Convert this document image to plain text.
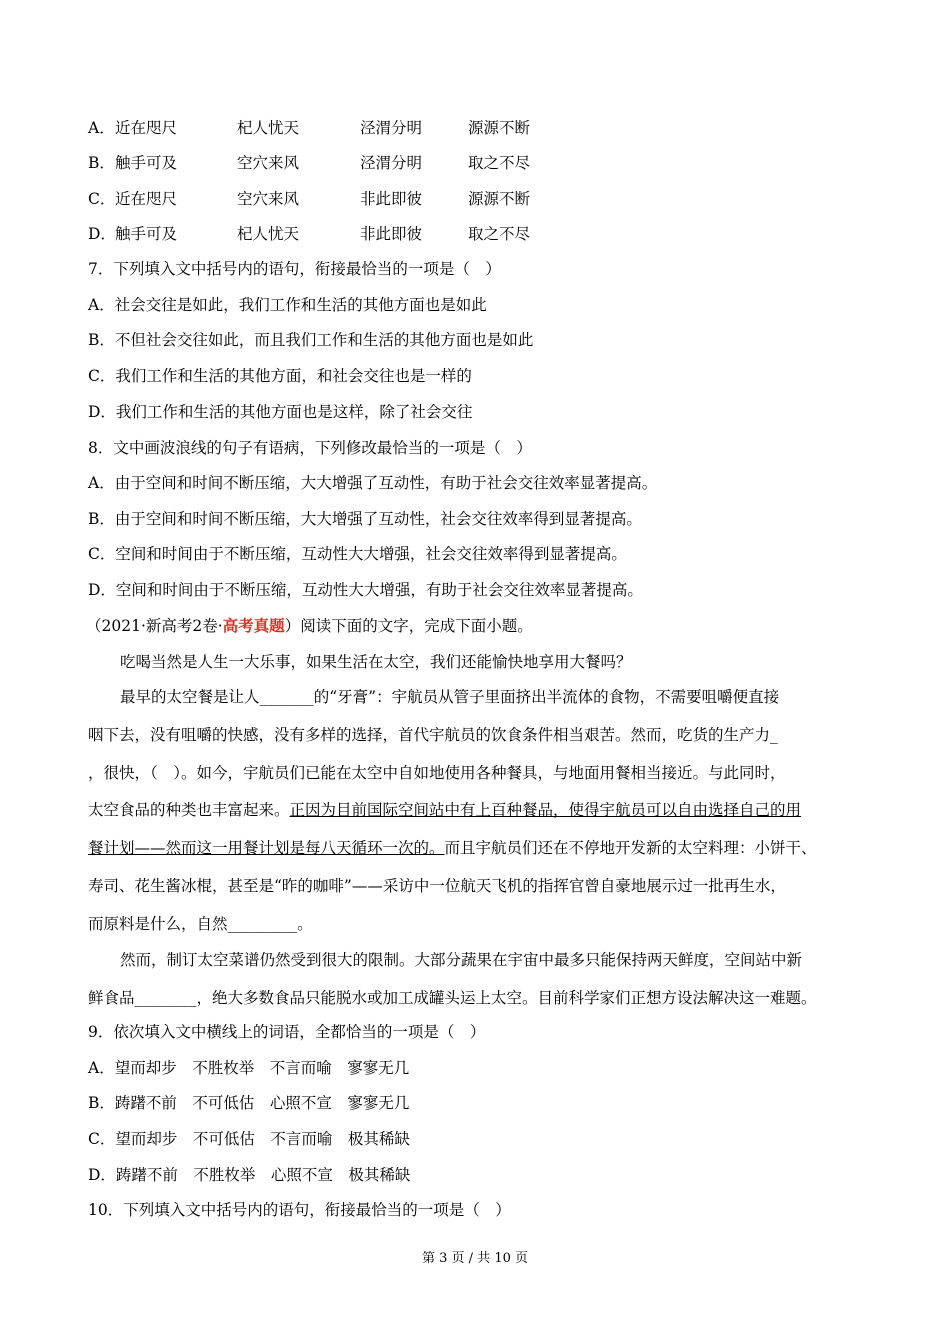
A． 近在咫尺	杞人忧天	泾渭分明	源源不断
B． 触手可及	空穴来风	泾渭分明	取之不尽
C． 近在咫尺	空穴来风	非此即彼	源源不断
D． 触手可及	杞人忧天	非此即彼	取之不尽
7．下列填入文中括号内的语句，衔接最恰当的一项是（　）
A．社会交往是如此，我们工作和生活的其他方面也是如此
B．不但社会交往如此，而且我们工作和生活的其他方面也是如此
C．我们工作和生活的其他方面，和社会交往也是一样的
D．我们工作和生活的其他方面也是这样，除了社会交往
8．文中画波浪线的句子有语病，下列修改最恰当的一项是（　）
A．由于空间和时间不断压缩，大大增强了互动性，有助于社会交往效率显著提高。
B．由于空间和时间不断压缩，大大增强了互动性，社会交往效率得到显著提高。
C．空间和时间由于不断压缩，互动性大大增强，社会交往效率得到显著提高。
D．空间和时间由于不断压缩，互动性大大增强，有助于社会交往效率显著提高。
（2021·新高考2卷·高考真题）阅读下面的文字，完成下面小题。
吃喝当然是人生一大乐事，如果生活在太空，我们还能愉快地享用大餐吗？
最早的太空餐是让人_______的“牙膏”：宇航员从管子里面挤出半流体的食物，不需要咀嚼便直接
咽下去，没有咀嚼的快感，没有多样的选择，首代宇航员的饮食条件相当艰苦。然而，吃货的生产力_
，很快，（　）。如今，宇航员们已能在太空中自如地使用各种餐具，与地面用餐相当接近。与此同时，
太空食品的种类也丰富起来。正因为目前国际空间站中有上百种餐品，使得宇航员可以自由选择自己的用
餐计划——然而这一用餐计划是每八天循环一次的。而且宇航员们还在不停地开发新的太空料理：小饼干、
寿司、花生酱冰棍，甚至是“昨的咖啡”——采访中一位航天飞机的指挥官曾自豪地展示过一批再生水，
而原料是什么，自然_________。
然而，制订太空菜谱仍然受到很大的限制。大部分蔬果在宇宙中最多只能保持两天鲜度，空间站中新
鲜食品________，绝大多数食品只能脱水或加工成罐头运上太空。目前科学家们正想方设法解决这一难题。
9．依次填入文中横线上的词语，全都恰当的一项是（　）
A．望而却步　不胜枚举　不言而喻　寥寥无几
B．踌躇不前　不可低估　心照不宣　寥寥无几
C．望而却步　不可低估　不言而喻　极其稀缺
D．踌躇不前　不胜枚举　心照不宣　极其稀缺
10．下列填入文中括号内的语句，衔接最恰当的一项是（　）
第 3 页 / 共 10 页
